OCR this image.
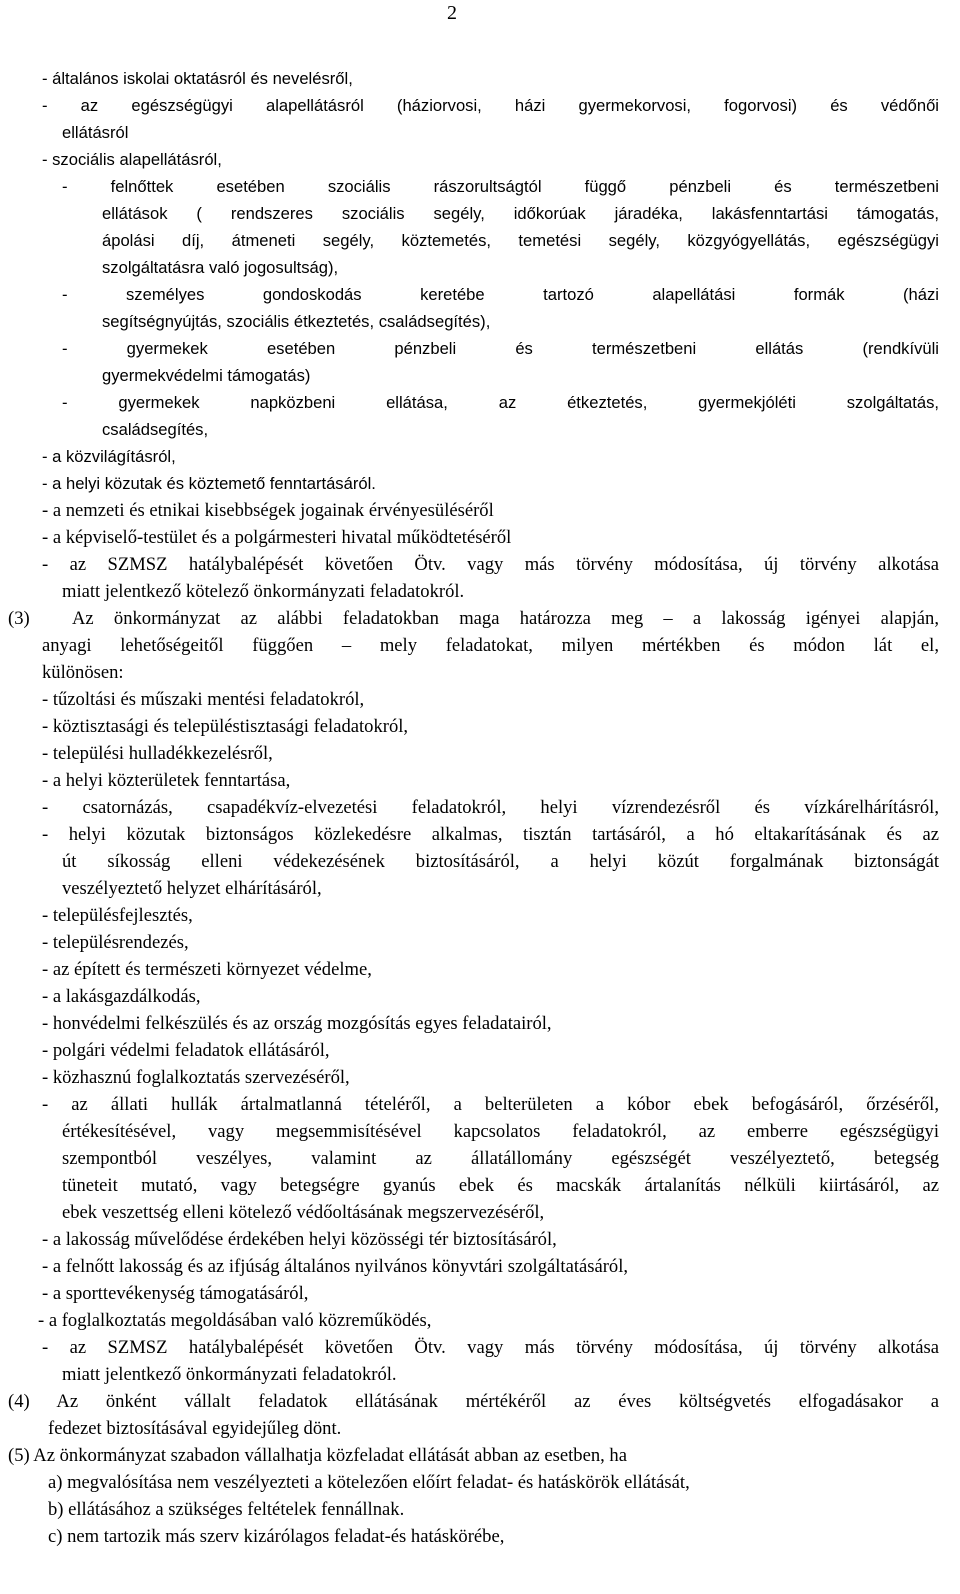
2
- általános iskolai oktatásról és nevelésről,
- az egészségügyi alapellátásról (háziorvosi, házi gyermekorvosi, fogorvosi) és védőnői
ellátásról
- szociális alapellátásról,
- felnőttek esetében szociális rászorultságtól függő pénzbeli és természetbeni
ellátások ( rendszeres szociális segély, időkorúak járadéka, lakásfenntartási támogatás,
ápolási díj, átmeneti segély, köztemetés, temetési segély, közgyógyellátás, egészségügyi
szolgáltatásra való jogosultság),
- személyes gondoskodás keretébe tartozó alapellátási formák (házi
segítségnyújtás, szociális étkeztetés, családsegítés),
- gyermekek esetében pénzbeli és természetbeni ellátás (rendkívüli
gyermekvédelmi támogatás)
- gyermekek napközbeni ellátása, az étkeztetés, gyermekjóléti szolgáltatás,
családsegítés,
- a közvilágításról,
- a helyi közutak és köztemető fenntartásáról.
- a nemzeti és etnikai kisebbségek jogainak érvényesüléséről
- a képviselő-testület és a polgármesteri hivatal működtetéséről
- az SZMSZ hatálybalépését követően Ötv. vagy más törvény módosítása, új törvény alkotása
miatt jelentkező kötelező önkormányzati feladatokról.
(3) Az önkormányzat az alábbi feladatokban maga határozza meg – a lakosság igényei alapján,
anyagi lehetőségeitől függően – mely feladatokat, milyen mértékben és módon lát el,
különösen:
- tűzoltási és műszaki mentési feladatokról,
- köztisztasági és településtisztasági feladatokról,
- települési hulladékkezelésről,
- a helyi közterületek fenntartása,
- csatornázás, csapadékvíz-elvezetési feladatokról, helyi vízrendezésről és vízkárelhárításról,
- helyi közutak biztonságos közlekedésre alkalmas, tisztán tartásáról, a hó eltakarításának és az
út síkosság elleni védekezésének biztosításáról, a helyi közút forgalmának biztonságát
veszélyeztető helyzet elhárításáról,
- településfejlesztés,
- településrendezés,
- az épített és természeti környezet védelme,
- a lakásgazdálkodás,
- honvédelmi felkészülés és az ország mozgósítás egyes feladatairól,
- polgári védelmi feladatok ellátásáról,
- közhasznú foglalkoztatás szervezéséről,
- az állati hullák ártalmatlanná tételéről, a belterületen a kóbor ebek befogásáról, őrzéséről,
értékesítésével, vagy megsemmisítésével kapcsolatos feladatokról, az emberre egészségügyi
szempontból veszélyes, valamint az állatállomány egészségét veszélyeztető, betegség
tüneteit mutató, vagy betegségre gyanús ebek és macskák ártalanítás nélküli kiirtásáról, az
ebek veszettség elleni kötelező védőoltásának megszervezéséről,
- a lakosság művelődése érdekében helyi közösségi tér biztosításáról,
- a felnőtt lakosság és az ifjúság általános nyilvános könyvtári szolgáltatásáról,
- a sporttevékenység támogatásáról,
- a foglalkoztatás megoldásában való közreműködés,
- az SZMSZ hatálybalépését követően Ötv. vagy más törvény módosítása, új törvény alkotása
miatt jelentkező önkormányzati feladatokról.
(4) Az önként vállalt feladatok ellátásának mértékéről az éves költségvetés elfogadásakor a
fedezet biztosításával egyidejűleg dönt.
(5) Az önkormányzat szabadon vállalhatja közfeladat ellátását abban az esetben, ha
a) megvalósítása nem veszélyezteti a kötelezően előírt feladat- és hatáskörök ellátását,
b) ellátásához a szükséges feltételek fennállnak.
c) nem tartozik más szerv kizárólagos feladat-és hatáskörébe,
